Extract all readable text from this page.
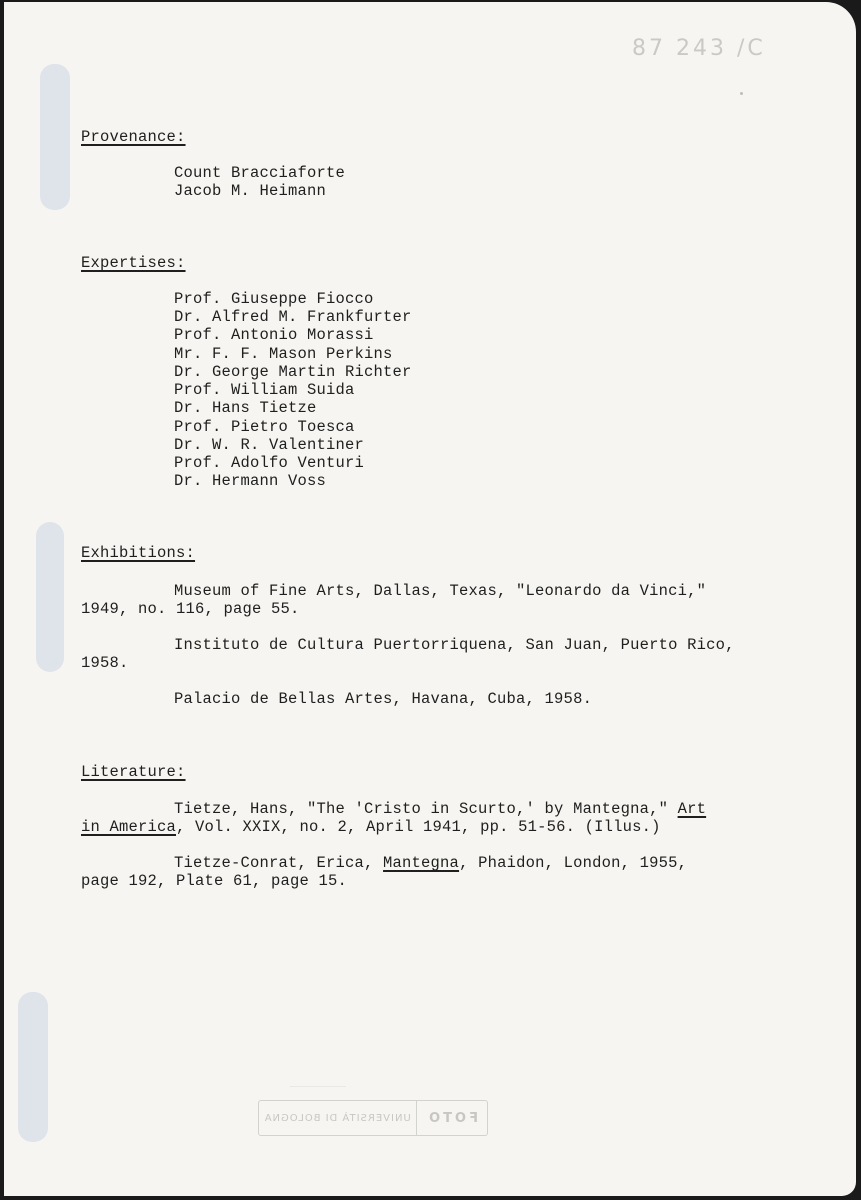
87 243 /C
Provenance:
Count Bracciaforte
Jacob M. Heimann
Expertises:
Prof. Giuseppe Fiocco
Dr. Alfred M. Frankfurter
Prof. Antonio Morassi
Mr. F. F. Mason Perkins
Dr. George Martin Richter
Prof. William Suida
Dr. Hans Tietze
Prof. Pietro Toesca
Dr. W. R. Valentiner
Prof. Adolfo Venturi
Dr. Hermann Voss
Exhibitions:
Museum of Fine Arts, Dallas, Texas, "Leonardo da Vinci,"
1949, no. 116, page 55.
Instituto de Cultura Puertorriquena, San Juan, Puerto Rico,
1958.
Palacio de Bellas Artes, Havana, Cuba, 1958.
Literature:
Tietze, Hans, "The 'Cristo in Scurto,' by Mantegna," Art
in America, Vol. XXIX, no. 2, April 1941, pp. 51-56. (Illus.)
Tietze-Conrat, Erica, Mantegna, Phaidon, London, 1955,
page 192, Plate 61, page 15.
UNIVERSITÀ DI BOLOGNA	FOTO
